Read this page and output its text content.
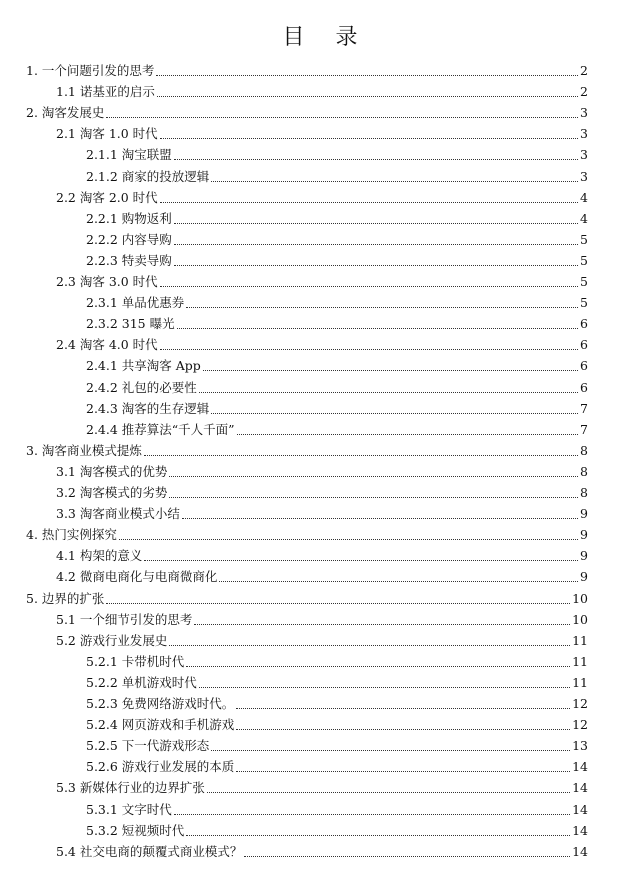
目 录
1. 一个问题引发的思考	2
1.1 诺基亚的启示	2
2. 淘客发展史	3
2.1 淘客 1.0 时代	3
2.1.1 淘宝联盟	3
2.1.2 商家的投放逻辑	3
2.2 淘客 2.0 时代	4
2.2.1 购物返利	4
2.2.2 内容导购	5
2.2.3 特卖导购	5
2.3 淘客 3.0 时代	5
2.3.1 单品优惠券	5
2.3.2 315 曝光	6
2.4 淘客 4.0 时代	6
2.4.1 共享淘客 App	6
2.4.2 礼包的必要性	6
2.4.3 淘客的生存逻辑	7
2.4.4 推荐算法“千人千面”	7
3. 淘客商业模式提炼	8
3.1 淘客模式的优势	8
3.2 淘客模式的劣势	8
3.3 淘客商业模式小结	9
4. 热门实例探究	9
4.1 构架的意义	9
4.2 微商电商化与电商微商化	9
5. 边界的扩张	10
5.1 一个细节引发的思考	10
5.2 游戏行业发展史	11
5.2.1 卡带机时代	11
5.2.2 单机游戏时代	11
5.2.3 免费网络游戏时代。	12
5.2.4 网页游戏和手机游戏	12
5.2.5 下一代游戏形态	13
5.2.6 游戏行业发展的本质	14
5.3 新媒体行业的边界扩张	14
5.3.1 文字时代	14
5.3.2 短视频时代	14
5.4 社交电商的颠覆式商业模式？	14
